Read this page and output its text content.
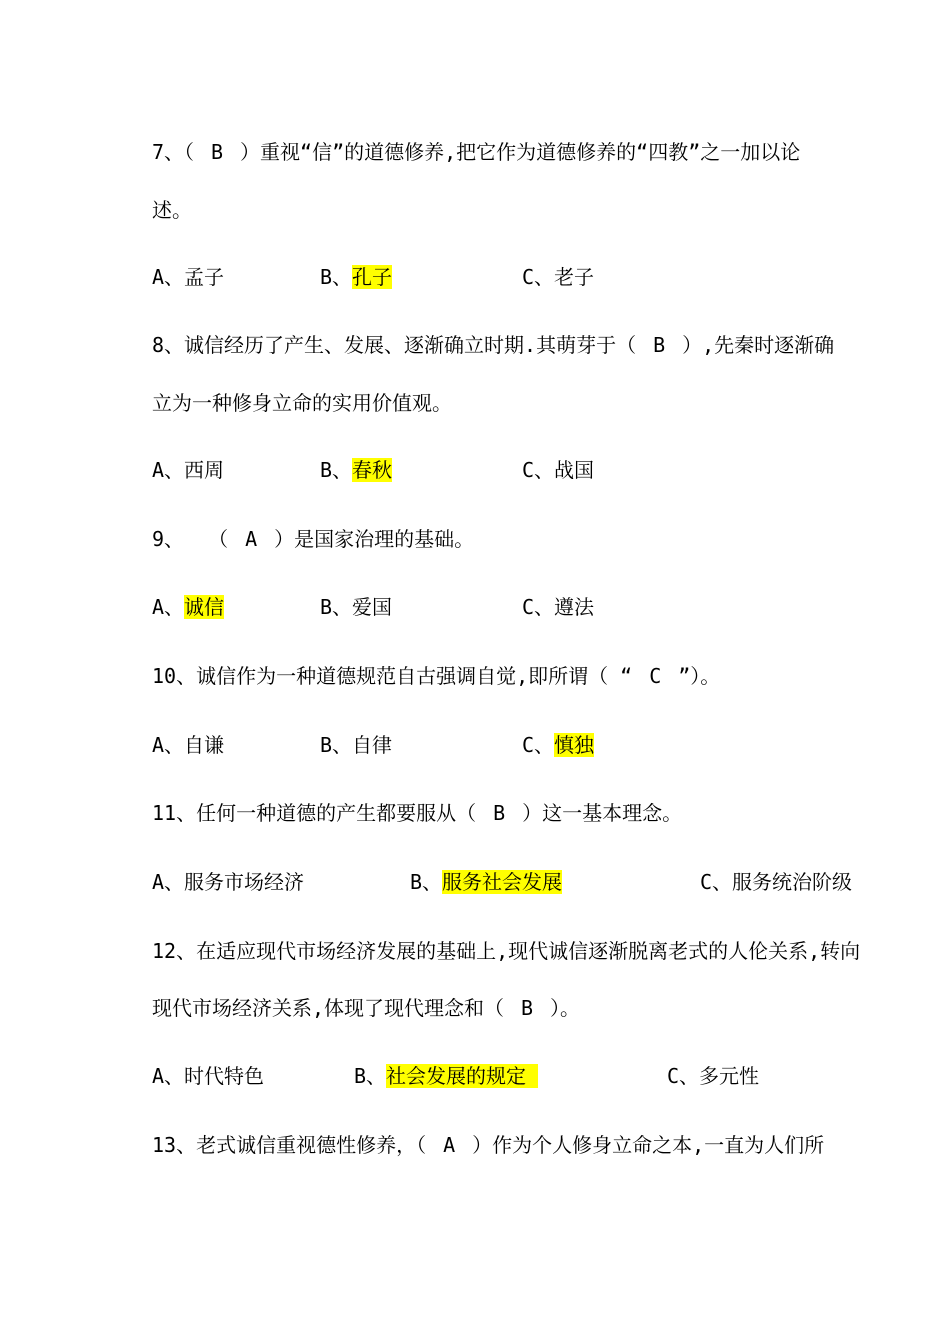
7、（ B ）重视“信”的道德修养,把它作为道德修养的“四教”之一加以论
述。
A、孟子	B、孔子	C、老子
8、诚信经历了产生、发展、逐渐确立时期.其萌芽于（ B ）,先秦时逐渐确
立为一种修身立命的实用价值观。
A、西周	B、春秋	C、战国
9、 （ A ）是国家治理的基础。
A、诚信	B、爱国	C、遵法
10、诚信作为一种道德规范自古强调自觉,即所谓（ “ C ”）。
A、自谦	B、自律	C、慎独
11、任何一种道德的产生都要服从（ B ）这一基本理念。
A、服务市场经济	B、服务社会发展	C、服务统治阶级
12、在适应现代市场经济发展的基础上,现代诚信逐渐脱离老式的人伦关系,转向
现代市场经济关系,体现了现代理念和（ B ）。
A、时代特色	B、社会发展的规定	C、多元性
13、老式诚信重视德性修养，（ A ）作为个人修身立命之本,一直为人们所
